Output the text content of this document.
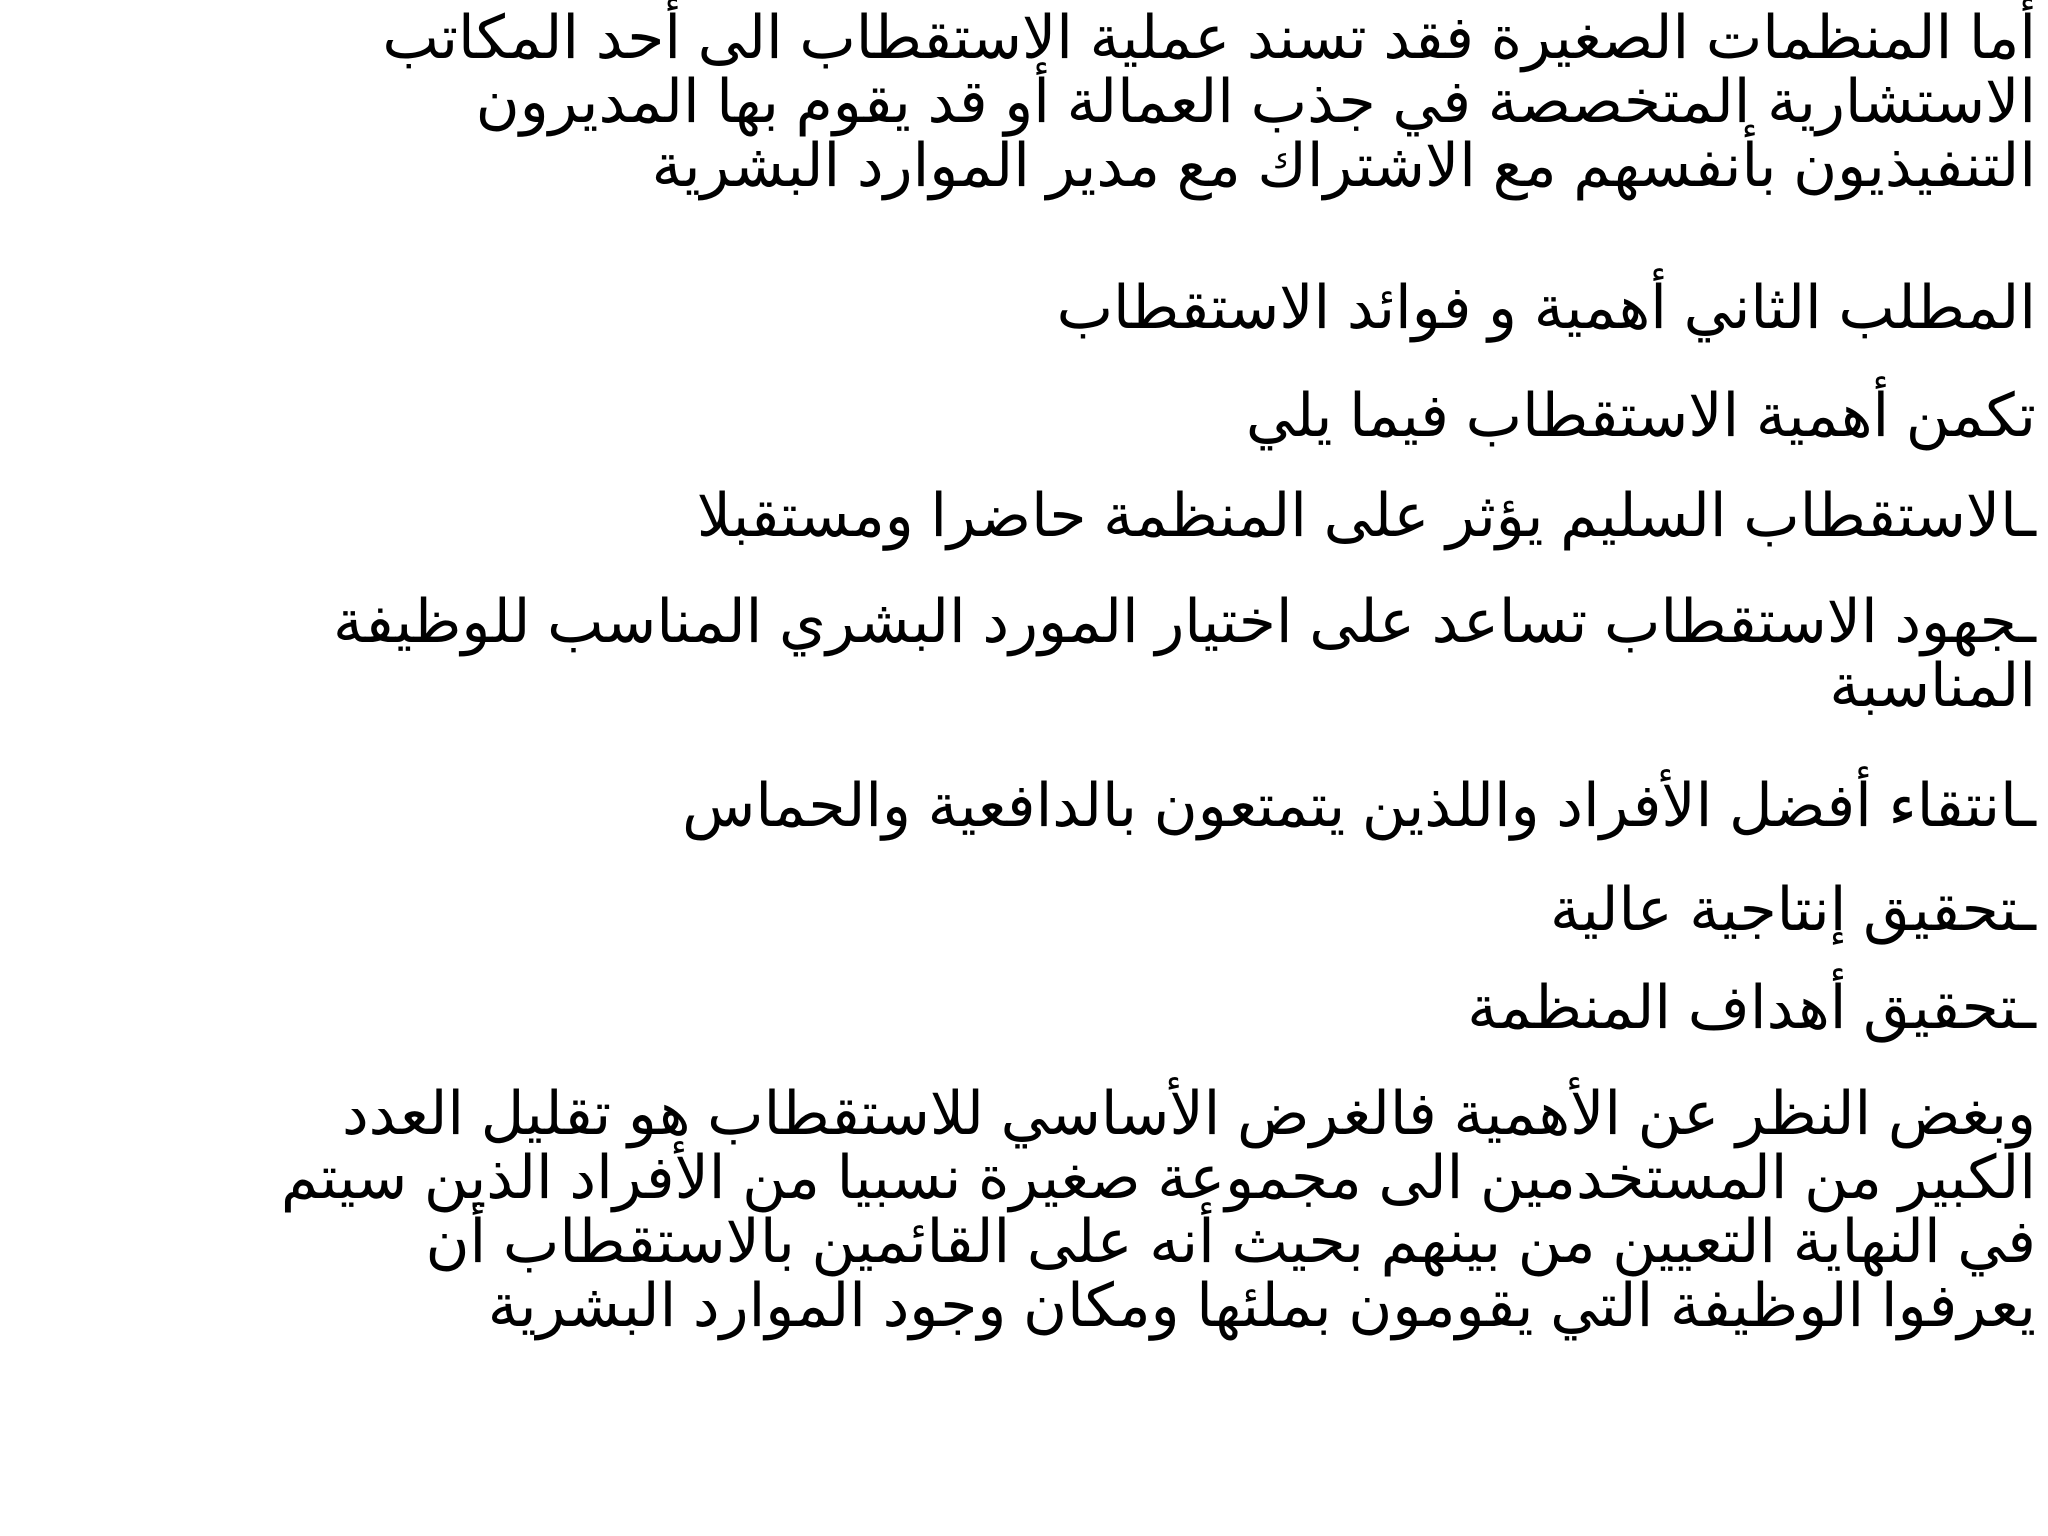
أما المنظمات الصغيرة فقد تسند عملية الاستقطاب الى أحد المكاتب
الاستشارية المتخصصة في جذب العمالة أو قد يقوم بها المديرون
التنفيذيون بأنفسهم مع الاشتراك مع مدير الموارد البشرية
المطلب الثاني أهمية و فوائد الاستقطاب
تكمن أهمية الاستقطاب فيما يلي
ـالاستقطاب السليم يؤثر على المنظمة حاضرا ومستقبلا
ـجهود الاستقطاب تساعد على اختيار المورد البشري المناسب للوظيفة
المناسبة
ـانتقاء أفضل الأفراد واللذين يتمتعون بالدافعية والحماس
ـتحقيق إنتاجية عالية
ـتحقيق أهداف المنظمة
وبغض النظر عن الأهمية فالغرض الأساسي للاستقطاب هو تقليل العدد
الكبير من المستخدمين الى مجموعة صغيرة نسبيا من الأفراد الذين سيتم
في النهاية التعيين من بينهم بحيث أنه على القائمين بالاستقطاب أن
يعرفوا الوظيفة التي يقومون بملئها ومكان وجود الموارد البشرية
